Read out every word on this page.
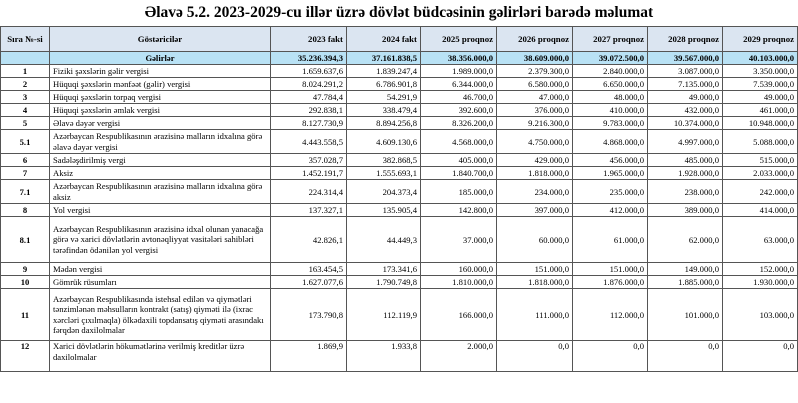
Əlavə 5.2. 2023-2029-cu illər üzrə dövlət büdcəsinin gəlirləri barədə məlumat
Sıra №-si	Göstəricilər	2023 fakt	2024 fakt	2025 proqnoz	2026 proqnoz	2027 proqnoz	2028 proqnoz	2029 proqnoz
	Gəlirlər	35.236.394,3	37.161.838,5	38.356.000,0	38.609.000,0	39.072.500,0	39.567.000,0	40.103.000,0
1	Fiziki şəxslərin gəlir vergisi	1.659.637,6	1.839.247,4	1.989.000,0	2.379.300,0	2.840.000,0	3.087.000,0	3.350.000,0
2	Hüquqi şəxslərin mənfəət (gəlir) vergisi	8.024.291,2	6.786.901,8	6.344.000,0	6.580.000,0	6.650.000,0	7.135.000,0	7.539.000,0
3	Hüquqi şəxslərin torpaq vergisi	47.784,4	54.291,9	46.700,0	47.000,0	48.000,0	49.000,0	49.000,0
4	Hüquqi şəxslərin əmlak vergisi	292.838,1	338.479,4	392.600,0	376.000,0	410.000,0	432.000,0	461.000,0
5	Əlavə dəyər vergisi	8.127.730,9	8.894.256,8	8.326.200,0	9.216.300,0	9.783.000,0	10.374.000,0	10.948.000,0
5.1	Azərbaycan Respublikasının ərazisinə malların idxalına görə əlavə dəyər vergisi	4.443.558,5	4.609.130,6	4.568.000,0	4.750.000,0	4.868.000,0	4.997.000,0	5.088.000,0
6	Sadələşdirilmiş vergi	357.028,7	382.868,5	405.000,0	429.000,0	456.000,0	485.000,0	515.000,0
7	Aksiz	1.452.191,7	1.555.693,1	1.840.700,0	1.818.000,0	1.965.000,0	1.928.000,0	2.033.000,0
7.1	Azərbaycan Respublikasının ərazisinə malların idxalına görə aksiz	224.314,4	204.373,4	185.000,0	234.000,0	235.000,0	238.000,0	242.000,0
8	Yol vergisi	137.327,1	135.905,4	142.800,0	397.000,0	412.000,0	389.000,0	414.000,0
8.1	Azərbaycan Respublikasının ərazisinə idxal olunan yanacağa görə və xarici dövlətlərin avtonəqliyyat vasitələri sahibləri tərəfindən ödənilən yol vergisi	42.826,1	44.449,3	37.000,0	60.000,0	61.000,0	62.000,0	63.000,0
9	Mədən vergisi	163.454,5	173.341,6	160.000,0	151.000,0	151.000,0	149.000,0	152.000,0
10	Gömrük rüsumları	1.627.077,6	1.790.749,8	1.810.000,0	1.818.000,0	1.876.000,0	1.885.000,0	1.930.000,0
11	Azərbaycan Respublikasında istehsal edilən və qiymətləri tənzimlənən məhsulların kontrakt (satış) qiyməti ilə (ixrac xərcləri çıxılmaqla) ölkədaxili topdansatış qiyməti arasındakı fərqdən daxilolmalar	173.790,8	112.119,9	166.000,0	111.000,0	112.000,0	101.000,0	103.000,0
12	Xarici dövlətlərin hökumətlərinə verilmiş kreditlər üzrə daxilolmalar	1.869,9	1.933,8	2.000,0	0,0	0,0	0,0	0,0
